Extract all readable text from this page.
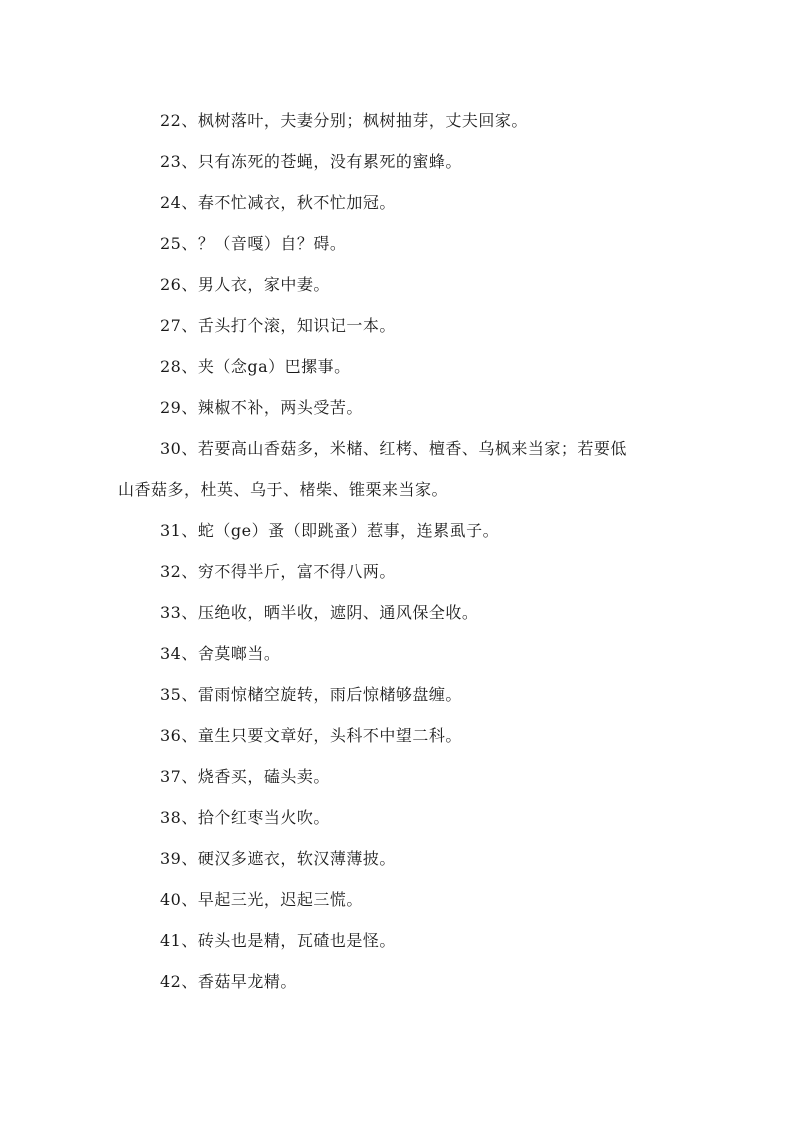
22、枫树落叶，夫妻分别；枫树抽芽，丈夫回家。
23、只有冻死的苍蝇，没有累死的蜜蜂。
24、春不忙减衣，秋不忙加冠。
25、？（音嘎）自？碍。
26、男人衣，家中妻。
27、舌头打个滚，知识记一本。
28、夹（念ga）巴摞事。
29、辣椒不补，两头受苦。
30、若要高山香菇多，米槠、红栲、檀香、乌枫来当家；若要低
山香菇多，杜英、乌于、楮柴、锥栗来当家。
31、蛇（ge）蚤（即跳蚤）惹事，连累虱子。
32、穷不得半斤，富不得八两。
33、压绝收，晒半收，遮阴、通风保全收。
34、舍莫啷当。
35、雷雨惊槠空旋转，雨后惊槠够盘缠。
36、童生只要文章好，头科不中望二科。
37、烧香买，磕头卖。
38、拾个红枣当火吹。
39、硬汉多遮衣，软汉薄薄披。
40、早起三光，迟起三慌。
41、砖头也是精，瓦碴也是怪。
42、香菇早龙精。
